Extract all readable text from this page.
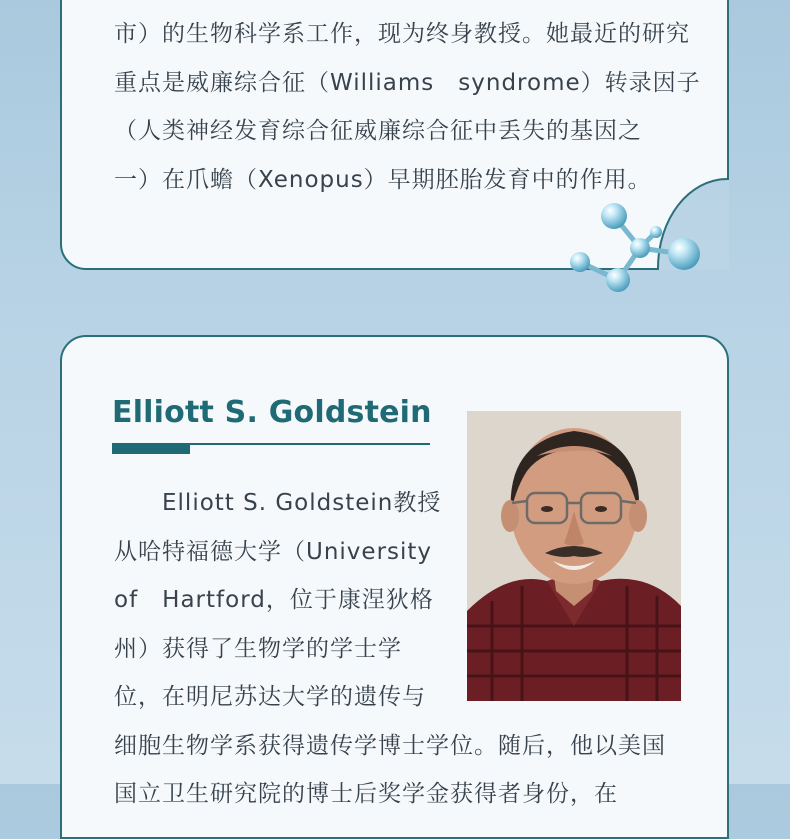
市）的生物科学系工作，现为终身教授。她最近的研究
重点是威廉综合征（Williams　syndrome）转录因子
（人类神经发育综合征威廉综合征中丢失的基因之
一）在爪蟾（Xenopus）早期胚胎发育中的作用。

Elliott S. Goldstein

　　Elliott S. Goldstein教授
从哈特福德大学（University
of　Hartford，位于康涅狄格
州）获得了生物学的学士学
位，在明尼苏达大学的遗传与
细胞生物学系获得遗传学博士学位。随后，他以美国
国立卫生研究院的博士后奖学金获得者身份，在
